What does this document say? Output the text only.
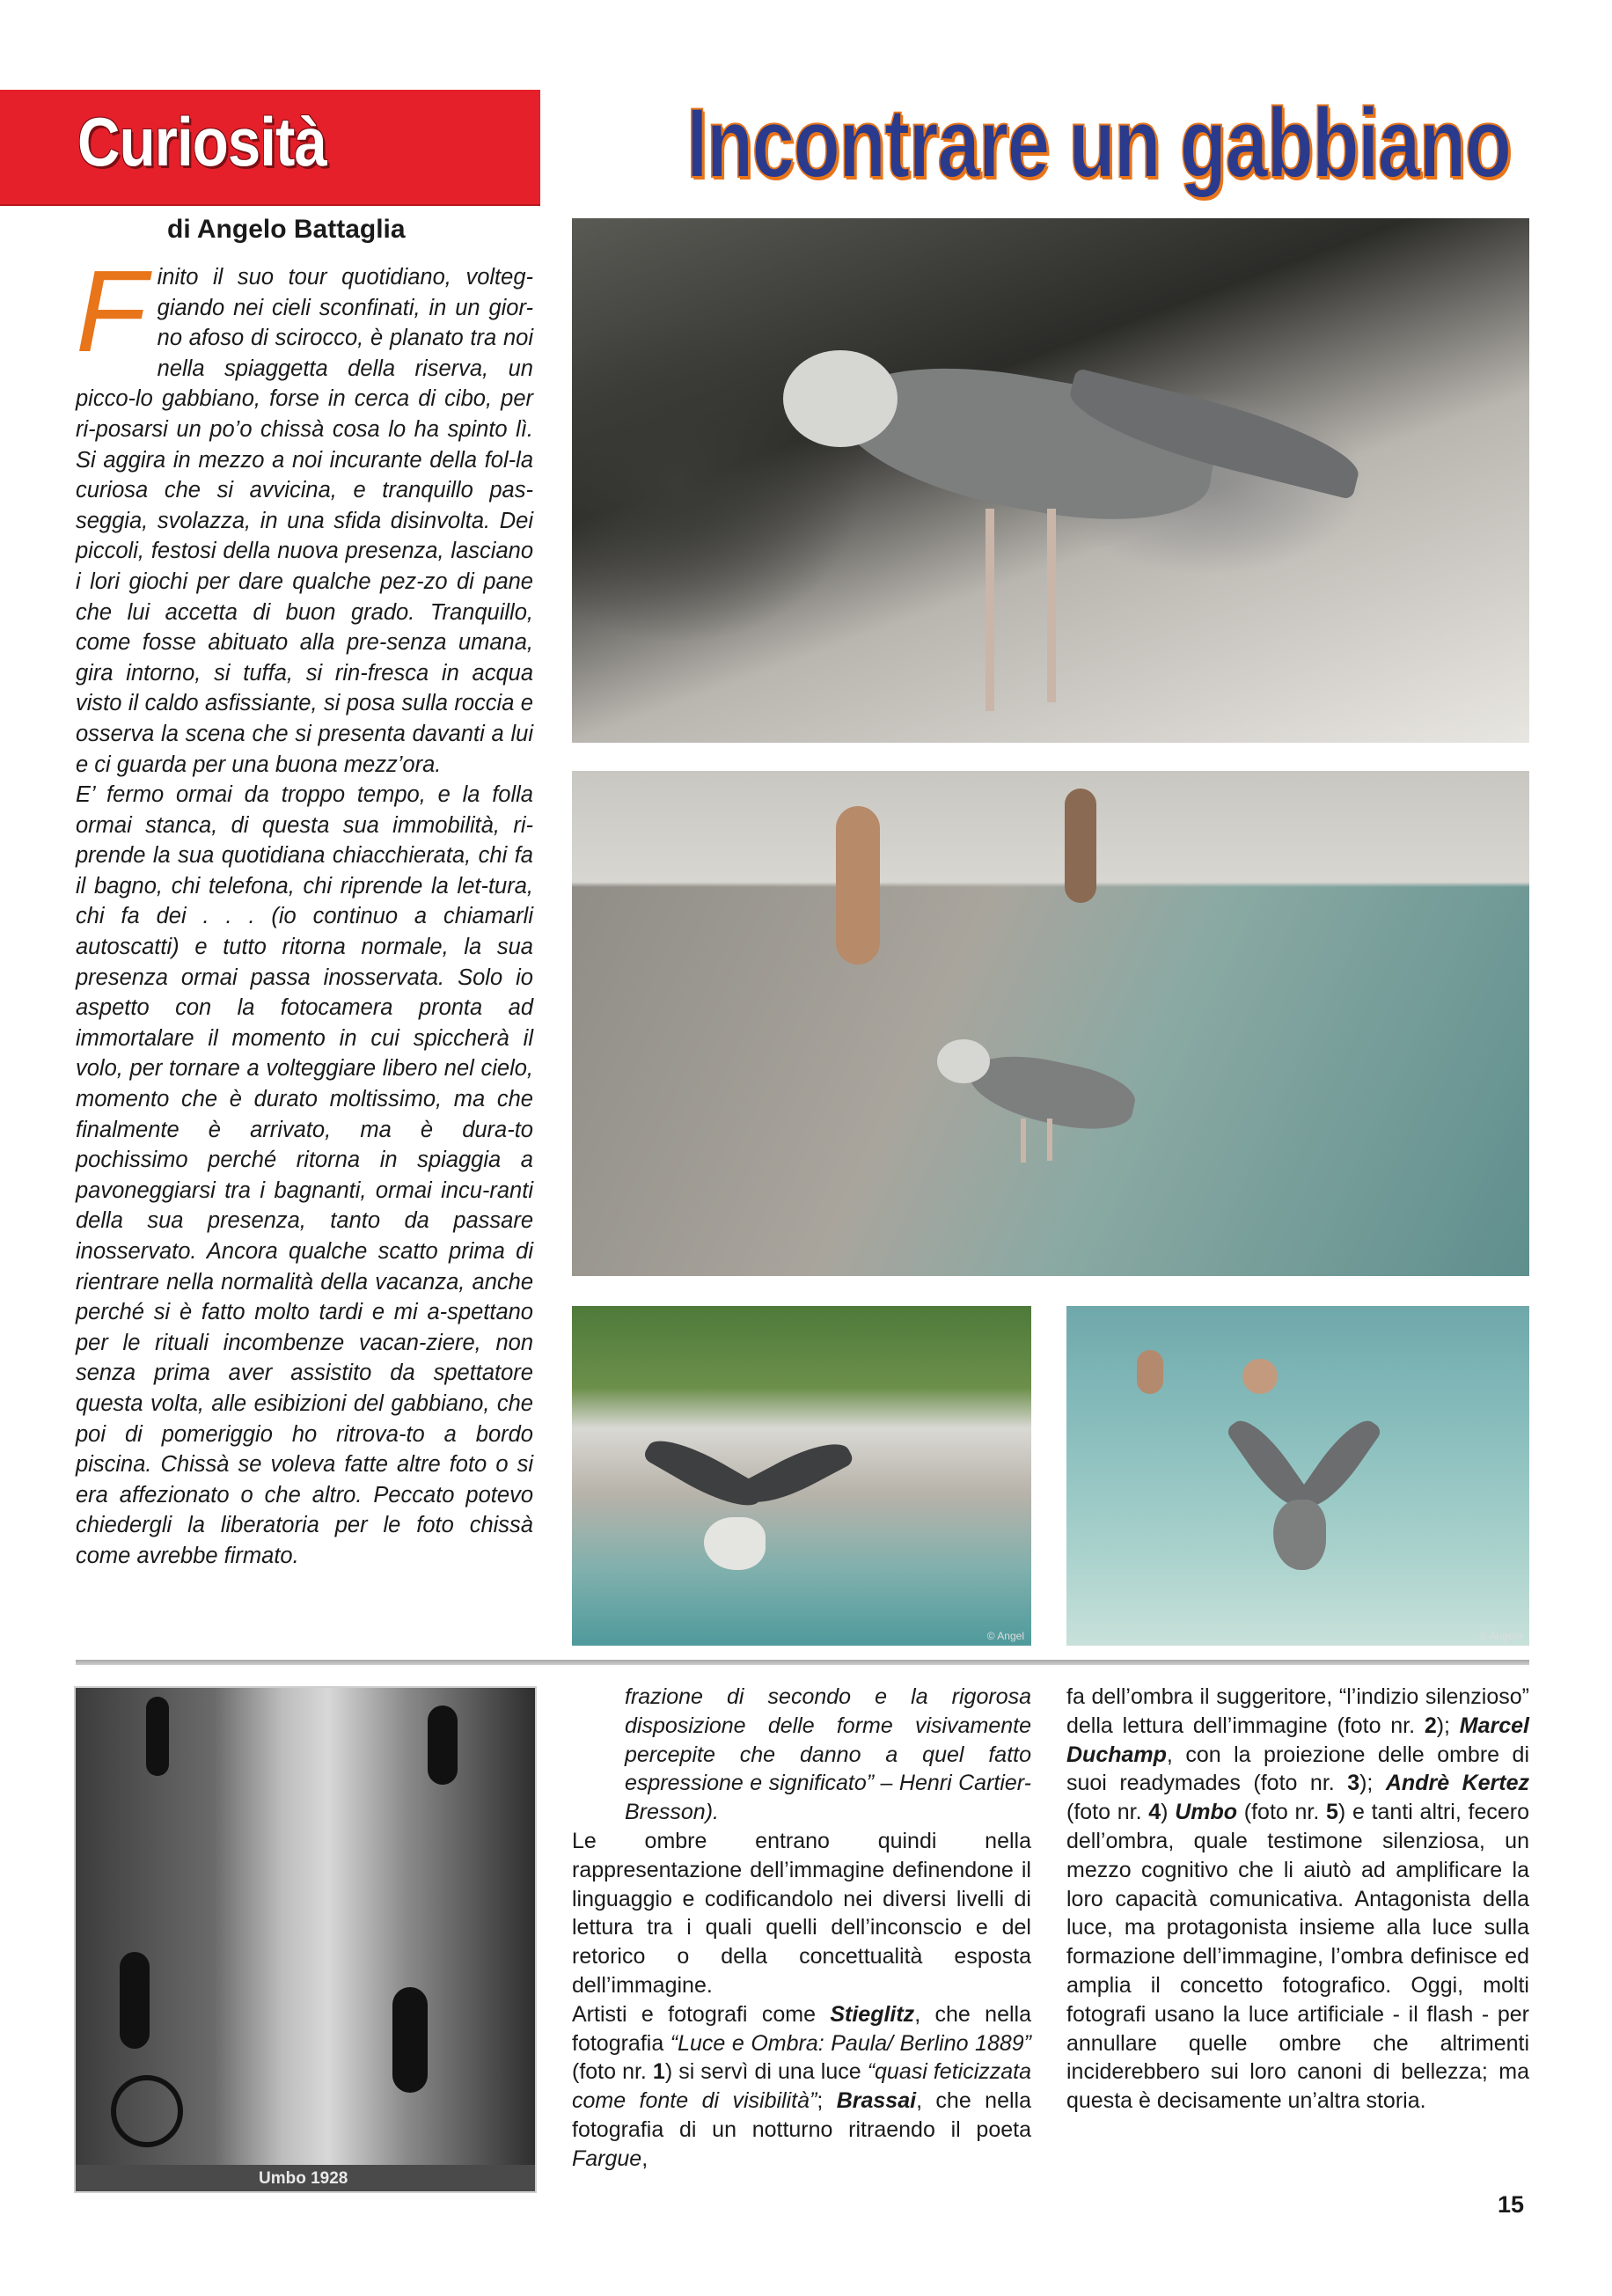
Curiosità	Incontrare un gabbiano
di Angelo Battaglia

Finito il suo tour quotidiano, volteg-giando nei cieli sconfinati, in un gior-no afoso di scirocco, è planato tra noi nella spiaggetta della riserva, un picco-lo gabbiano, forse in cerca di cibo, per ri-posarsi un po’o chissà cosa lo ha spinto lì. Si aggira in mezzo a noi incurante della fol-la curiosa che si avvicina, e tranquillo pas-seggia, svolazza, in una sfida disinvolta. Dei piccoli, festosi della nuova presenza, lasciano i lori giochi per dare qualche pez-zo di pane che lui accetta di buon grado. Tranquillo, come fosse abituato alla pre-senza umana, gira intorno, si tuffa, si rin-fresca in acqua visto il caldo asfissiante, si posa sulla roccia e osserva la scena che si presenta davanti a lui e ci guarda per una buona mezz’ora.

E’ fermo ormai da troppo tempo, e la folla ormai stanca, di questa sua immobilità, ri-prende la sua quotidiana chiacchierata, chi fa il bagno, chi telefona, chi riprende la let-tura, chi fa dei . . . (io continuo a chiamarli autoscatti) e tutto ritorna normale, la sua presenza ormai passa inosservata. Solo io aspetto con la fotocamera pronta ad immortalare il momento in cui spiccherà il volo, per tornare a volteggiare libero nel cielo, momento che è durato moltissimo, ma che finalmente è arrivato, ma è dura-to pochissimo perché ritorna in spiaggia a pavoneggiarsi tra i bagnanti, ormai incu-ranti della sua presenza, tanto da passare inosservato. Ancora qualche scatto prima di rientrare nella normalità della vacanza, anche perché si è fatto molto tardi e mi a-spettano per le rituali incombenze vacan-ziere, non senza prima aver assistito da spettatore questa volta, alle esibizioni del gabbiano, che poi di pomeriggio ho ritrova-to a bordo piscina. Chissà se voleva fatte altre foto o si era affezionato o che altro. Peccato potevo chiedergli la liberatoria per le foto chissà come avrebbe firmato.

© Angel	© Angelo
Umbo 1928

frazione di secondo e la rigorosa disposizione delle forme visivamente percepite che danno a quel fatto espressione e significato” – Henri Cartier-Bresson).

Le ombre entrano quindi nella rappresentazione dell’immagine definendone il linguaggio e codificandolo nei diversi livelli di lettura tra i quali quelli dell’inconscio e del retorico o della concettualità esposta dell’immagine.

Artisti e fotografi come Stieglitz, che nella fotografia “Luce e Ombra: Paula/ Berlino 1889” (foto nr. 1) si servì di una luce “quasi feticizzata come fonte di visibilità”; Brassai, che nella fotografia di un notturno ritraendo il poeta Fargue,

fa dell’ombra il suggeritore, “l’indizio silenzioso” della lettura dell’immagine (foto nr. 2); Marcel Duchamp, con la proiezione delle ombre di suoi readymades (foto nr. 3); Andrè Kertez (foto nr. 4) Umbo (foto nr. 5) e tanti altri, fecero dell’ombra, quale testimone silenziosa, un mezzo cognitivo che li aiutò ad amplificare la loro capacità comunicativa. Antagonista della luce, ma protagonista insieme alla luce sulla formazione dell’immagine, l’ombra definisce ed amplia il concetto fotografico. Oggi, molti fotografi usano la luce artificiale - il flash - per annullare quelle ombre che altrimenti inciderebbero sui loro canoni di bellezza; ma questa è decisamente un’altra storia.

15
